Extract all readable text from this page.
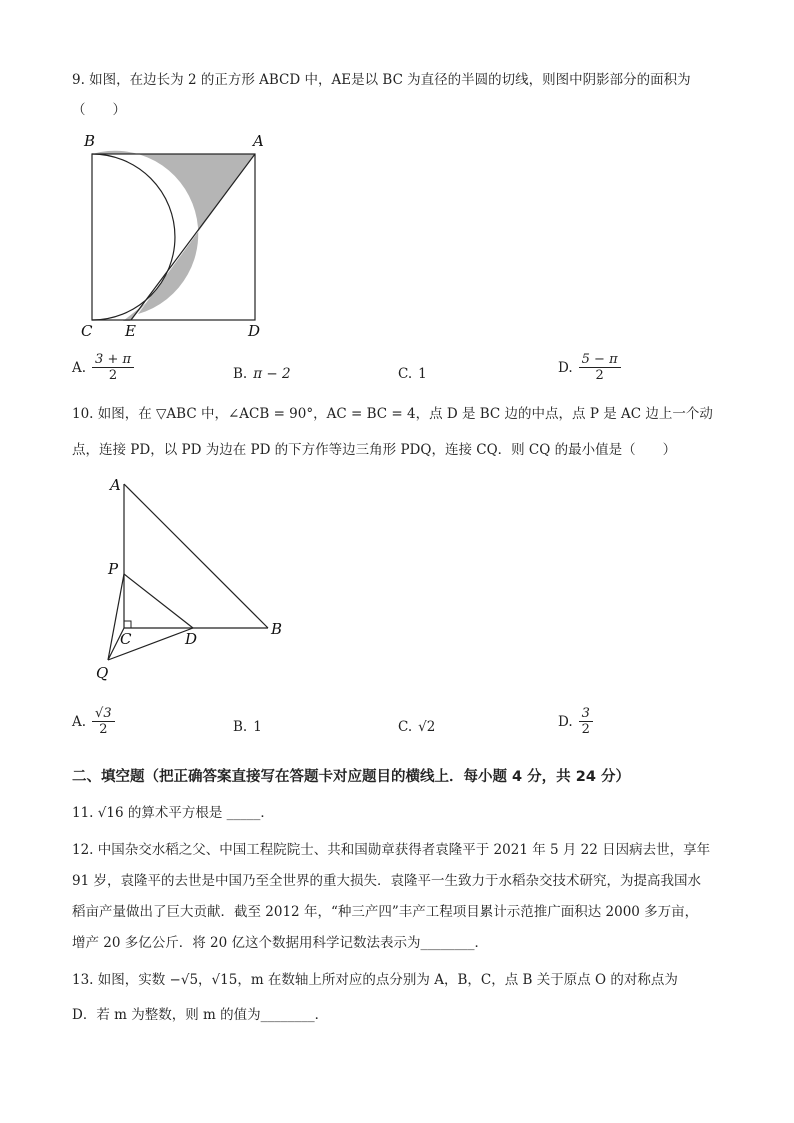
9. 如图，在边长为 2 的正方形 ABCD 中，AE是以 BC 为直径的半圆的切线，则图中阴影部分的面积为
（　　）
B	A
C E	D
A. $\frac{3 + \pi}{2}$	B. π − 2	C. 1	D. $\frac{5 - \pi}{2}$
10. 如图，在 ▽ABC 中，∠ACB = 90°，AC = BC = 4，点 D 是 BC 边的中点，点 P 是 AC 边上一个动
点，连接 PD，以 PD 为边在 PD 的下方作等边三角形 PDQ，连接 CQ．则 CQ 的最小值是（　　）
A
P
C	D
B
Q
A. $\frac{√3}{2}$	B. 1	C. √2	D. $\frac{3}{2}$
二、填空题（把正确答案直接写在答题卡对应题目的横线上．每小题 4 分，共 24 分）
11. √16 的算术平方根是 _____．
12. 中国杂交水稻之父、中国工程院院士、共和国勋章获得者袁隆平于 2021 年 5 月 22 日因病去世，享年
91 岁，袁隆平的去世是中国乃至全世界的重大损失．袁隆平一生致力于水稻杂交技术研究，为提高我国水
稻亩产量做出了巨大贡献．截至 2012 年，“种三产四”丰产工程项目累计示范推广面积达 2000 多万亩，
增产 20 多亿公斤．将 20 亿这个数据用科学记数法表示为________．
13. 如图，实数 −√5，√15，m 在数轴上所对应的点分别为 A，B，C，点 B 关于原点 O 的对称点为
D．若 m 为整数，则 m 的值为________．
